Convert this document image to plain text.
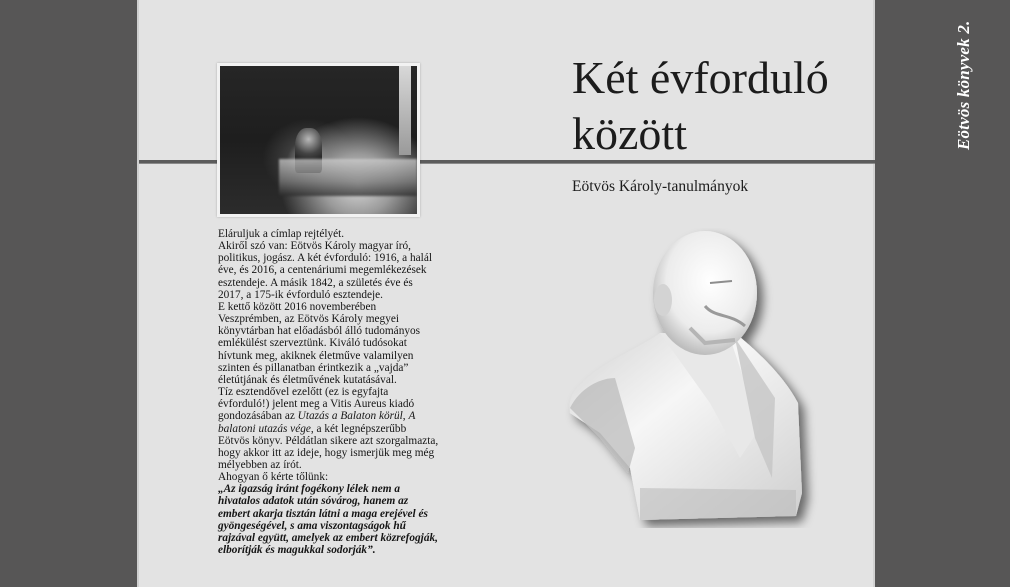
Eötvös könyvek 2.

Eláruljuk a címlap rejtélyét.

Akiről szó van: Eötvös Károly magyar író, politikus, jogász. A két évforduló: 1916, a halál éve, és 2016, a centenáriumi megemlékezések esztendeje. A másik 1842, a születés éve és 2017, a 175-ik évforduló esztendeje.

E kettő között 2016 novemberében Veszprémben, az Eötvös Károly megyei könyvtárban hat előadásból álló tudományos emlékülést szerveztünk. Kiváló tudósokat hívtunk meg, akiknek életműve valamilyen szinten és pillanatban érintkezik a „vajda” életútjának és életművének kutatásával.

Tíz esztendővel ezelőtt (ez is egyfajta évforduló!) jelent meg a Vitis Aureus kiadó gondozásában az Utazás a Balaton körül, A balatoni utazás vége, a két legnépszerűbb Eötvös könyv. Példátlan sikere azt szorgalmazta, hogy akkor itt az ideje, hogy ismerjük meg még mélyebben az írót.

Ahogyan ő kérte tőlünk:

„Az igazság iránt fogékony lélek nem a hivatalos adatok után sóvárog, hanem az embert akarja tisztán látni a maga erejével és gyöngeségével, s ama viszontagságok hű rajzával együtt, amelyek az embert közrefogják, elborítják és magukkal sodorják”.

Két évforduló
között
Eötvös Károly-tanulmányok
